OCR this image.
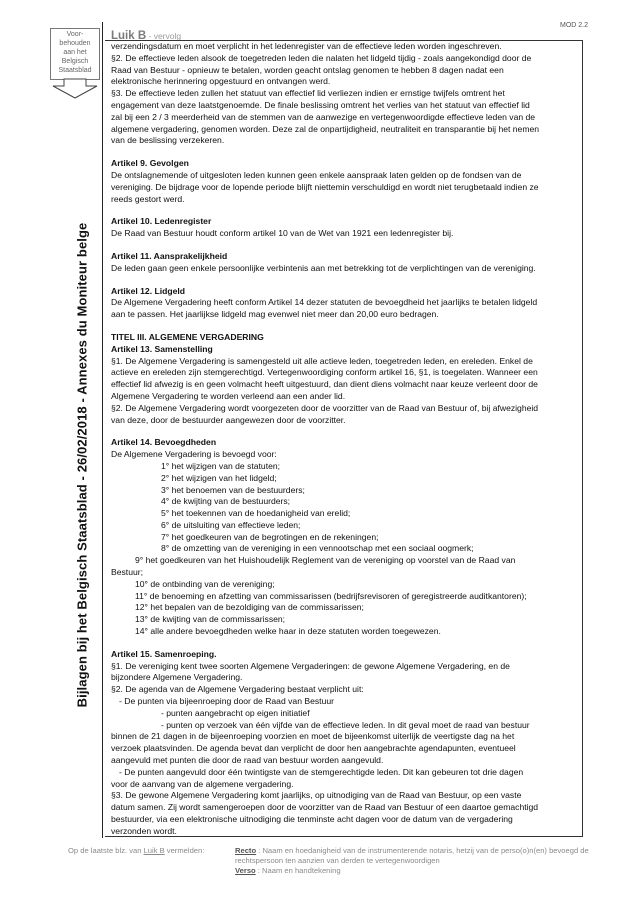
Voor-
behouden
aan het
Belgisch
Staatsblad
Bijlagen bij het Belgisch Staatsblad - 26/02/2018 - Annexes du Moniteur belge
Luik B - vervolg
MOD 2.2

verzendingsdatum en moet verplicht in het ledenregister van de effectieve leden worden ingeschreven.

§2. De effectieve leden alsook de toegetreden leden die nalaten het lidgeld tijdig - zoals aangekondigd door de

Raad van Bestuur - opnieuw te betalen, worden geacht ontslag genomen te hebben 8 dagen nadat een

elektronische herinnering opgestuurd en ontvangen werd.

§3. De effectieve leden zullen het statuut van effectief lid verliezen indien er ernstige twijfels omtrent het

engagement van deze laatstgenoemde. De finale beslissing omtrent het verlies van het statuut van effectief lid

zal bij een 2 / 3 meerderheid van de stemmen van de aanwezige en vertegenwoordigde effectieve leden van de

algemene vergadering, genomen worden. Deze zal de onpartijdigheid, neutraliteit en transparantie bij het nemen

van de beslissing verzekeren.

Artikel 9. Gevolgen

De ontslagnemende of uitgesloten leden kunnen geen enkele aanspraak laten gelden op de fondsen van de

vereniging. De bijdrage voor de lopende periode blijft niettemin verschuldigd en wordt niet terugbetaald indien ze

reeds gestort werd.

Artikel 10. Ledenregister

De Raad van Bestuur houdt conform artikel 10 van de Wet van 1921 een ledenregister bij.

Artikel 11. Aansprakelijkheid

De leden gaan geen enkele persoonlijke verbintenis aan met betrekking tot de verplichtingen van de vereniging.

Artikel 12. Lidgeld

De Algemene Vergadering heeft conform Artikel 14 dezer statuten de bevoegdheid het jaarlijks te betalen lidgeld

aan te passen. Het jaarlijkse lidgeld mag evenwel niet meer dan 20,00 euro bedragen.

TITEL III. ALGEMENE VERGADERING

Artikel 13. Samenstelling

§1. De Algemene Vergadering is samengesteld uit alle actieve leden, toegetreden leden, en ereleden. Enkel de

actieve en ereleden zijn stemgerechtigd. Vertegenwoordiging conform artikel 16, §1, is toegelaten. Wanneer een

effectief lid afwezig is en geen volmacht heeft uitgestuurd, dan dient diens volmacht naar keuze verleent door de

Algemene Vergadering te worden verleend aan een ander lid.

§2. De Algemene Vergadering wordt voorgezeten door de voorzitter van de Raad van Bestuur of, bij afwezigheid

van deze, door de bestuurder aangewezen door de voorzitter.

Artikel 14. Bevoegdheden

De Algemene Vergadering is bevoegd voor:

1° het wijzigen van de statuten;

2° het wijzigen van het lidgeld;

3° het benoemen van de bestuurders;

4° de kwijting van de bestuurders;

5° het toekennen van de hoedanigheid van erelid;

6° de uitsluiting van effectieve leden;

7° het goedkeuren van de begrotingen en de rekeningen;

8° de omzetting van de vereniging in een vennootschap met een sociaal oogmerk;

9° het goedkeuren van het Huishoudelijk Reglement van de vereniging op voorstel van de Raad van

Bestuur;

10° de ontbinding van de vereniging;

11° de benoeming en afzetting van commissarissen (bedrijfsrevisoren of geregistreerde auditkantoren);

12° het bepalen van de bezoldiging van de commissarissen;

13° de kwijting van de commissarissen;

14° alle andere bevoegdheden welke haar in deze statuten worden toegewezen.

Artikel 15. Samenroeping.

§1. De vereniging kent twee soorten Algemene Vergaderingen: de gewone Algemene Vergadering, en de

bijzondere Algemene Vergadering.

§2. De agenda van de Algemene Vergadering bestaat verplicht uit:

- De punten via bijeenroeping door de Raad van Bestuur

- punten aangebracht op eigen initiatief

- punten op verzoek van één vijfde van de effectieve leden. In dit geval moet de raad van bestuur

binnen de 21 dagen in de bijeenroeping voorzien en moet de bijeenkomst uiterlijk de veertigste dag na het

verzoek plaatsvinden. De agenda bevat dan verplicht de door hen aangebrachte agendapunten, eventueel

aangevuld met punten die door de raad van bestuur worden aangevuld.

- De punten aangevuld door één twintigste van de stemgerechtigde leden. Dit kan gebeuren tot drie dagen

voor de aanvang van de algemene vergadering.

§3. De gewone Algemene Vergadering komt jaarlijks, op uitnodiging van de Raad van Bestuur, op een vaste

datum samen. Zij wordt samengeroepen door de voorzitter van de Raad van Bestuur of een daartoe gemachtigd

bestuurder, via een elektronische uitnodiging die tenminste acht dagen voor de datum van de vergadering

verzonden wordt.

Op de laatste blz. van Luik B vermelden:	Recto : Naam en hoedanigheid van de instrumenterende notaris, hetzij van de perso(o)n(en) bevoegd de rechtspersoon ten aanzien van derden te vertegenwoordigen
Verso : Naam en handtekening
